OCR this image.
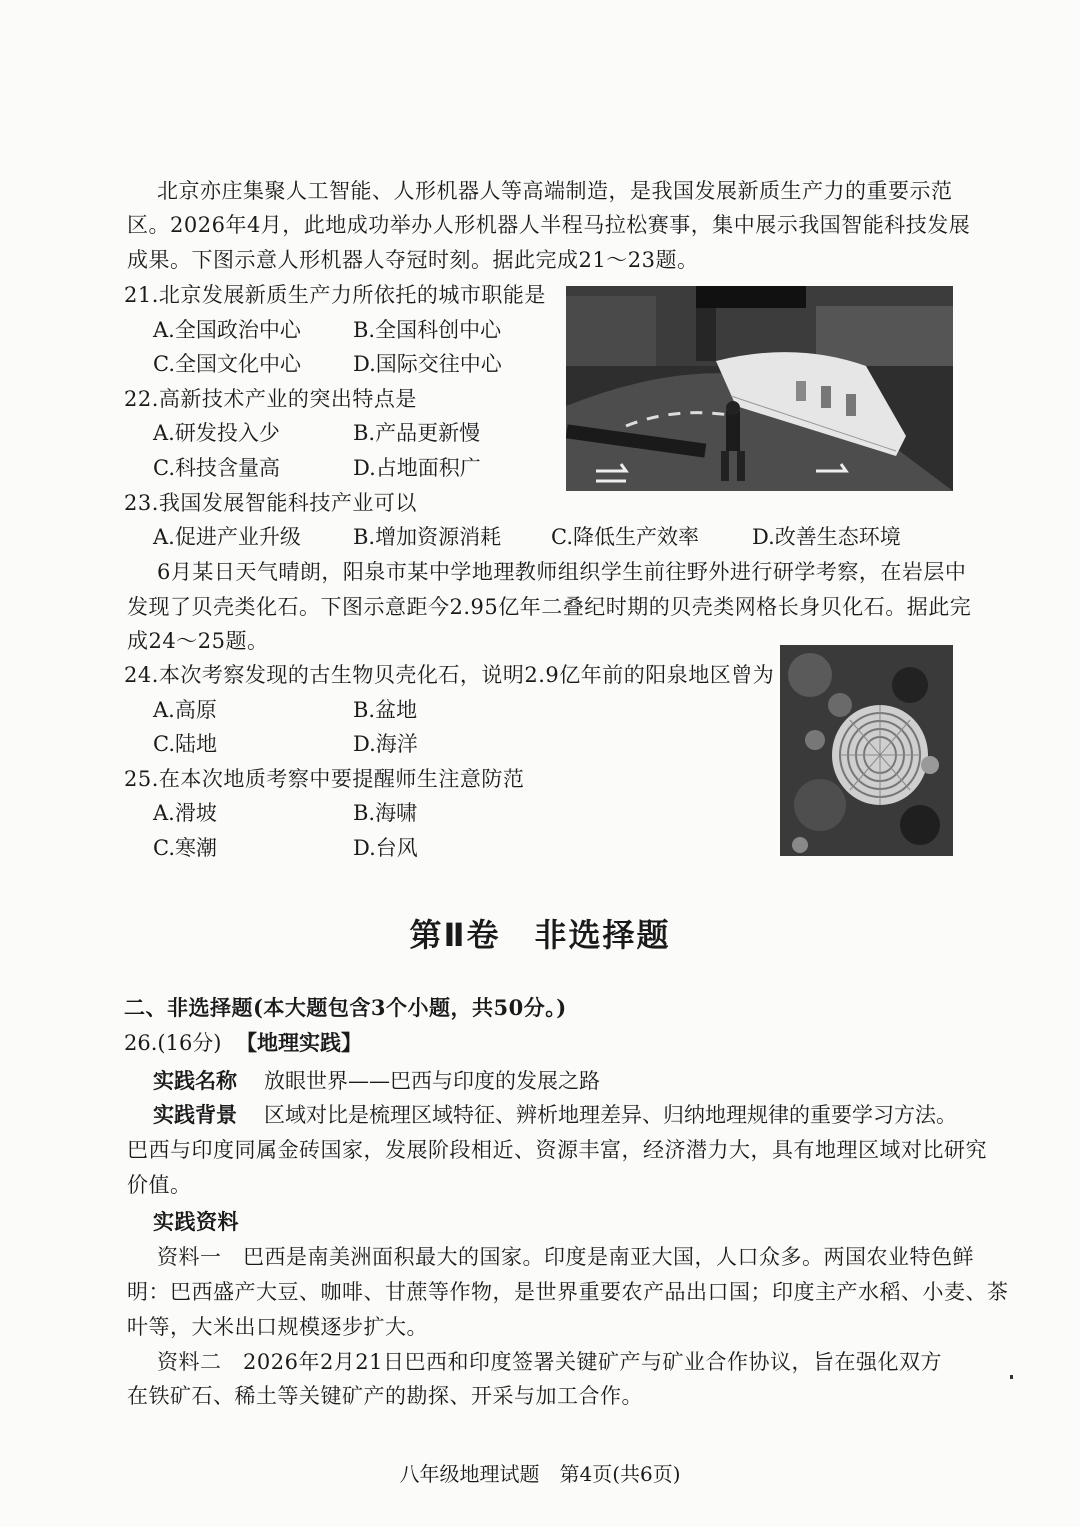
北京亦庄集聚人工智能、人形机器人等高端制造，是我国发展新质生产力的重要示范
区。2026年4月，此地成功举办人形机器人半程马拉松赛事，集中展示我国智能科技发展
成果。下图示意人形机器人夺冠时刻。据此完成21～23题。
21.北京发展新质生产力所依托的城市职能是
A.全国政治中心 B.全国科创中心
C.全国文化中心 D.国际交往中心
22.高新技术产业的突出特点是
A.研发投入少	B.产品更新慢
C.科技含量高	D.占地面积广
23.我国发展智能科技产业可以
A.促进产业升级 B.增加资源消耗 C.降低生产效率	D.改善生态环境
6月某日天气晴朗，阳泉市某中学地理教师组织学生前往野外进行研学考察，在岩层中
发现了贝壳类化石。下图示意距今2.95亿年二叠纪时期的贝壳类网格长身贝化石。据此完
成24～25题。
24.本次考察发现的古生物贝壳化石，说明2.9亿年前的阳泉地区曾为
A.高原	B.盆地
C.陆地	D.海洋
25.在本次地质考察中要提醒师生注意防范
A.滑坡	B.海啸
C.寒潮	D.台风
第Ⅱ卷　非选择题
二、非选择题(本大题包含3个小题，共50分。)
26.(16分) 【地理实践】
实践名称 放眼世界——巴西与印度的发展之路
实践背景 区域对比是梳理区域特征、辨析地理差异、归纳地理规律的重要学习方法。
巴西与印度同属金砖国家，发展阶段相近、资源丰富，经济潜力大，具有地理区域对比研究
价值。
实践资料
资料一　巴西是南美洲面积最大的国家。印度是南亚大国，人口众多。两国农业特色鲜
明：巴西盛产大豆、咖啡、甘蔗等作物，是世界重要农产品出口国；印度主产水稻、小麦、茶
叶等，大米出口规模逐步扩大。
资料二　2026年2月21日巴西和印度签署关键矿产与矿业合作协议，旨在强化双方
在铁矿石、稀土等关键矿产的勘探、开采与加工合作。
八年级地理试题　第4页(共6页)
